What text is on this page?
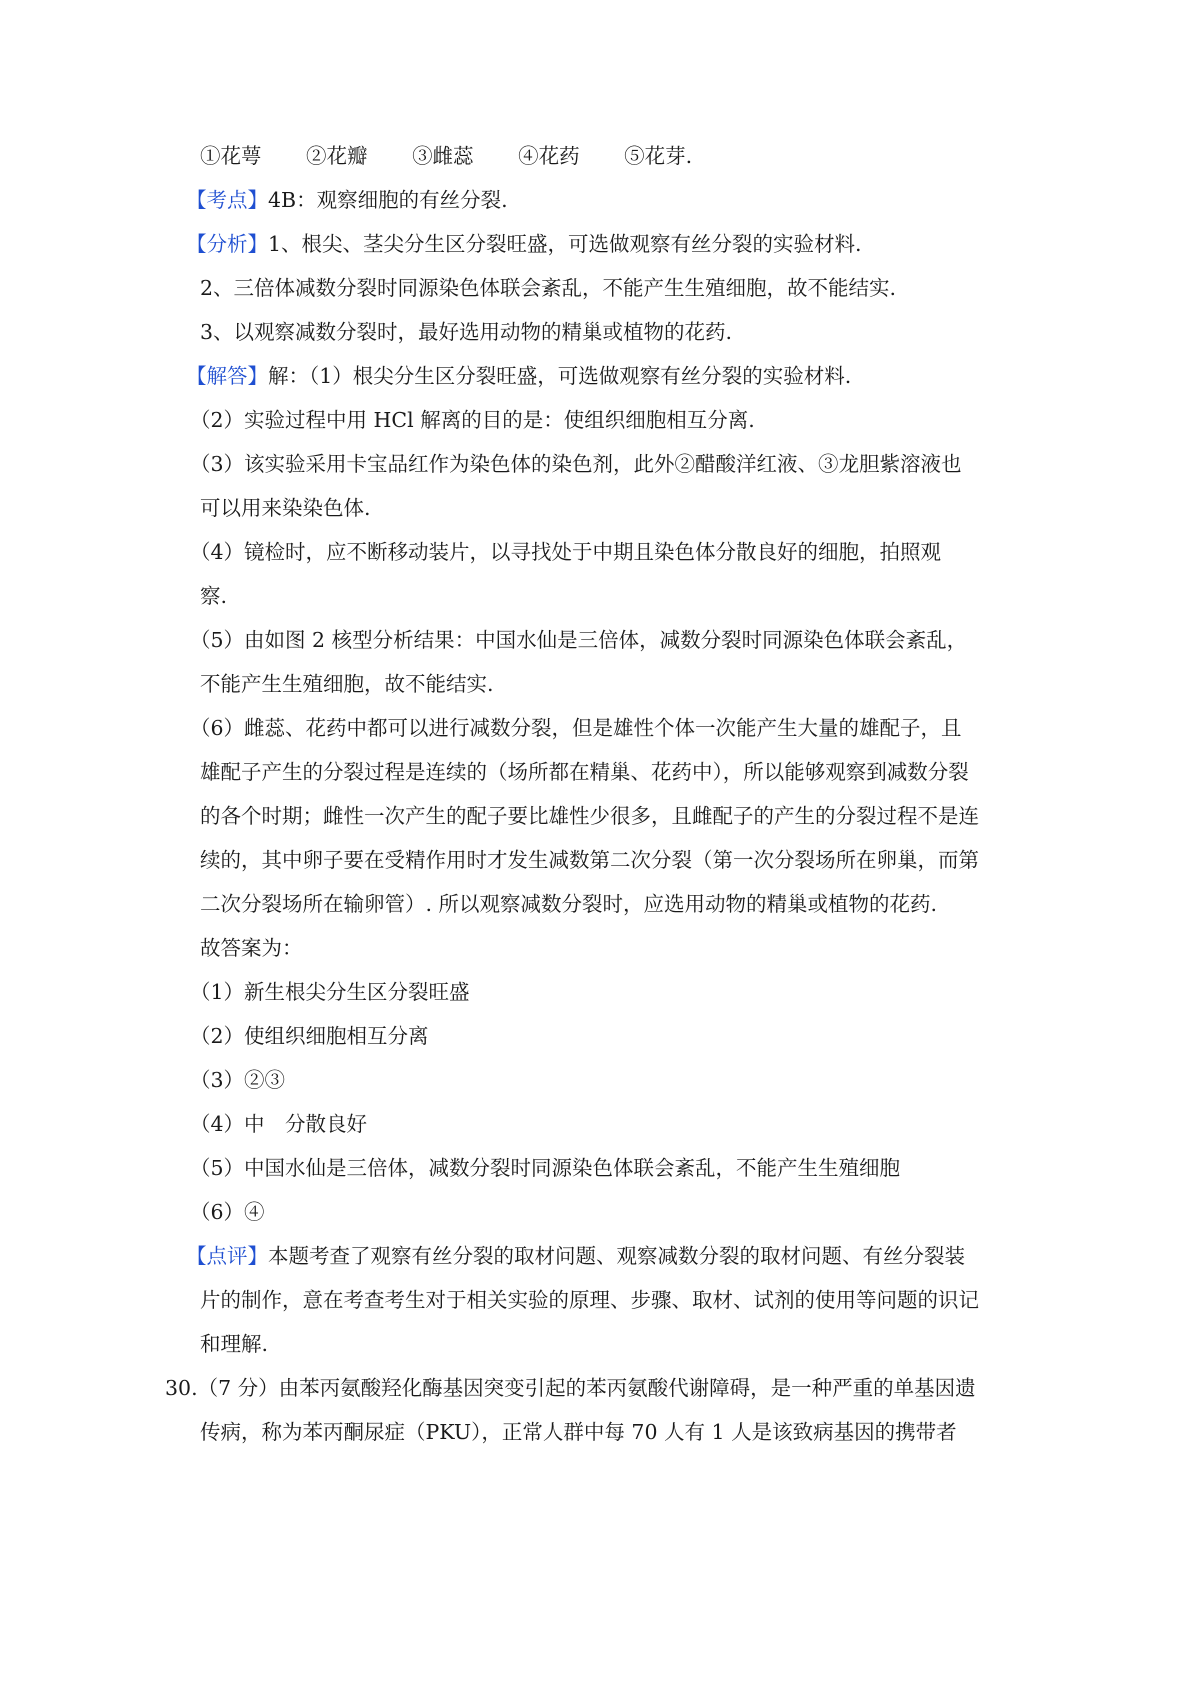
①花萼 ②花瓣 ③雌蕊 ④花药 ⑤花芽.
【考点】4B：观察细胞的有丝分裂.
【分析】1、根尖、茎尖分生区分裂旺盛，可选做观察有丝分裂的实验材料.
2、三倍体减数分裂时同源染色体联会紊乱，不能产生生殖细胞，故不能结实.
3、以观察减数分裂时，最好选用动物的精巢或植物的花药.
【解答】解：（1）根尖分生区分裂旺盛，可选做观察有丝分裂的实验材料.
（2）实验过程中用 HCl 解离的目的是：使组织细胞相互分离.
（3）该实验采用卡宝品红作为染色体的染色剂，此外②醋酸洋红液、③龙胆紫溶液也
可以用来染染色体.
（4）镜检时，应不断移动装片，以寻找处于中期且染色体分散良好的细胞，拍照观
察.
（5）由如图 2 核型分析结果：中国水仙是三倍体，减数分裂时同源染色体联会紊乱，
不能产生生殖细胞，故不能结实.
（6）雌蕊、花药中都可以进行减数分裂，但是雄性个体一次能产生大量的雄配子，且
雄配子产生的分裂过程是连续的（场所都在精巢、花药中），所以能够观察到减数分裂
的各个时期；雌性一次产生的配子要比雄性少很多，且雌配子的产生的分裂过程不是连
续的，其中卵子要在受精作用时才发生减数第二次分裂（第一次分裂场所在卵巢，而第
二次分裂场所在输卵管）. 所以观察减数分裂时，应选用动物的精巢或植物的花药.
故答案为：
（1）新生根尖分生区分裂旺盛
（2）使组织细胞相互分离
（3）②③
（4）中　分散良好
（5）中国水仙是三倍体，减数分裂时同源染色体联会紊乱，不能产生生殖细胞
（6）④
【点评】本题考查了观察有丝分裂的取材问题、观察减数分裂的取材问题、有丝分裂装
片的制作，意在考查考生对于相关实验的原理、步骤、取材、试剂的使用等问题的识记
和理解.
30.（7 分）由苯丙氨酸羟化酶基因突变引起的苯丙氨酸代谢障碍，是一种严重的单基因遗
传病，称为苯丙酮尿症（PKU），正常人群中每 70 人有 1 人是该致病基因的携带者
